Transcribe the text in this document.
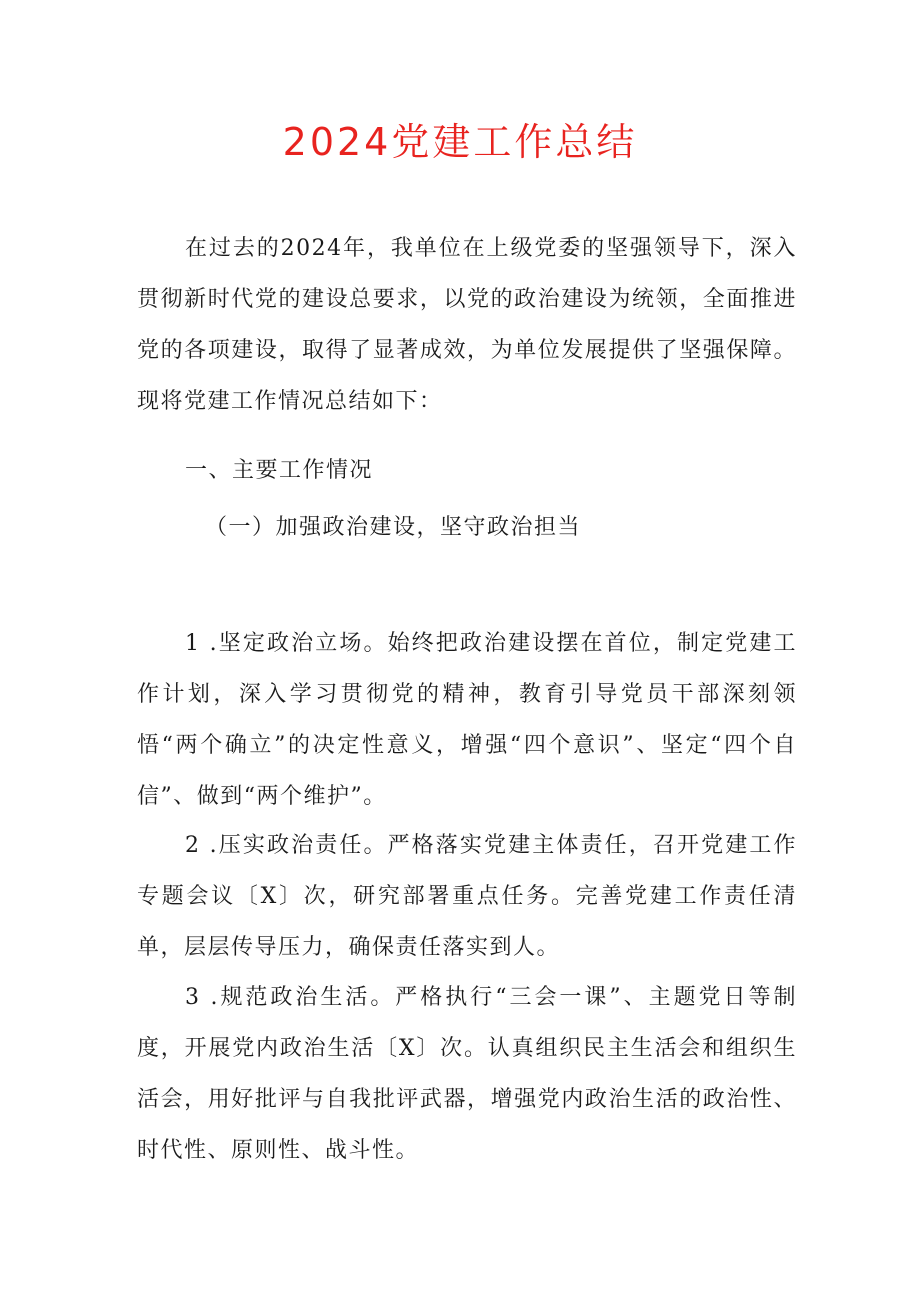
2024党建工作总结

在过去的2024年，我单位在上级党委的坚强领导下，深入贯彻新时代党的建设总要求，以党的政治建设为统领，全面推进党的各项建设，取得了显著成效，为单位发展提供了坚强保障。现将党建工作情况总结如下：

一、主要工作情况

（一）加强政治建设，坚守政治担当

1 .坚定政治立场。始终把政治建设摆在首位，制定党建工作计划，深入学习贯彻党的精神，教育引导党员干部深刻领悟“两个确立”的决定性意义，增强“四个意识”、坚定“四个自信”、做到“两个维护”。

2 .压实政治责任。严格落实党建主体责任，召开党建工作专题会议〔X〕次，研究部署重点任务。完善党建工作责任清单，层层传导压力，确保责任落实到人。

3 .规范政治生活。严格执行“三会一课”、主题党日等制度，开展党内政治生活〔X〕次。认真组织民主生活会和组织生活会，用好批评与自我批评武器，增强党内政治生活的政治性、时代性、原则性、战斗性。
